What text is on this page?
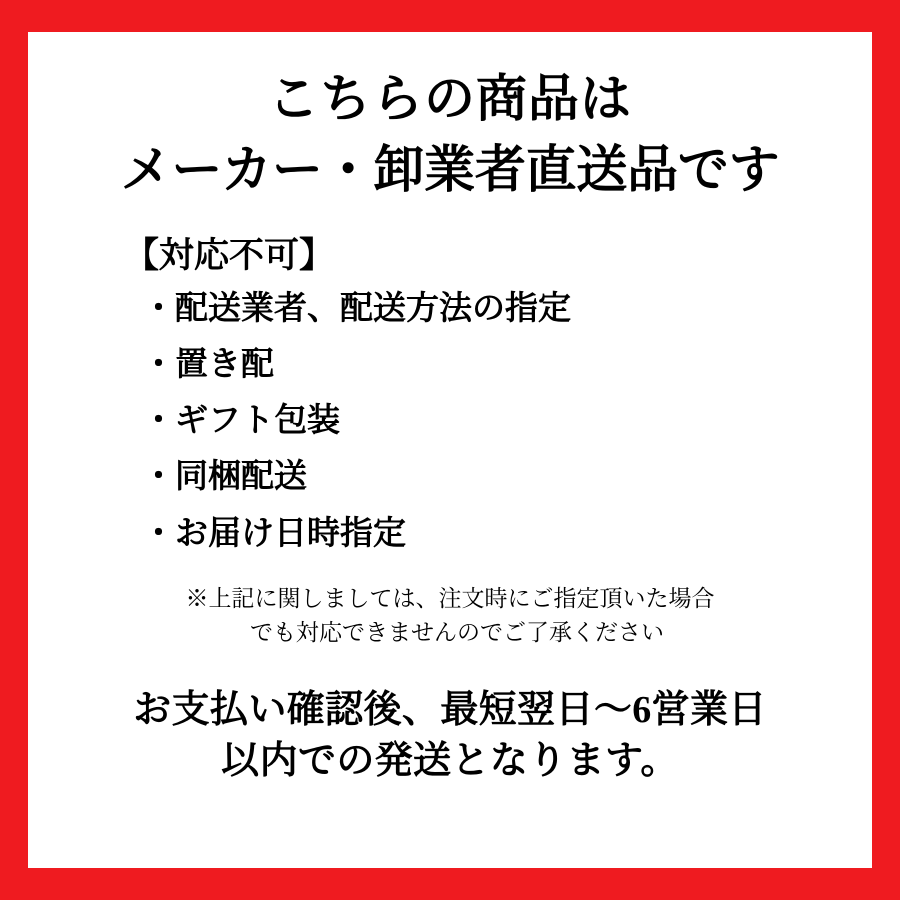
こちらの商品は
メーカー・卸業者直送品です
【対応不可】
・配送業者、配送方法の指定
・置き配
・ギフト包装
・同梱配送
・お届け日時指定
※上記に関しましては、注文時にご指定頂いた場合
でも対応できませんのでご了承ください
お支払い確認後、最短翌日〜6営業日
以内での発送となります。
